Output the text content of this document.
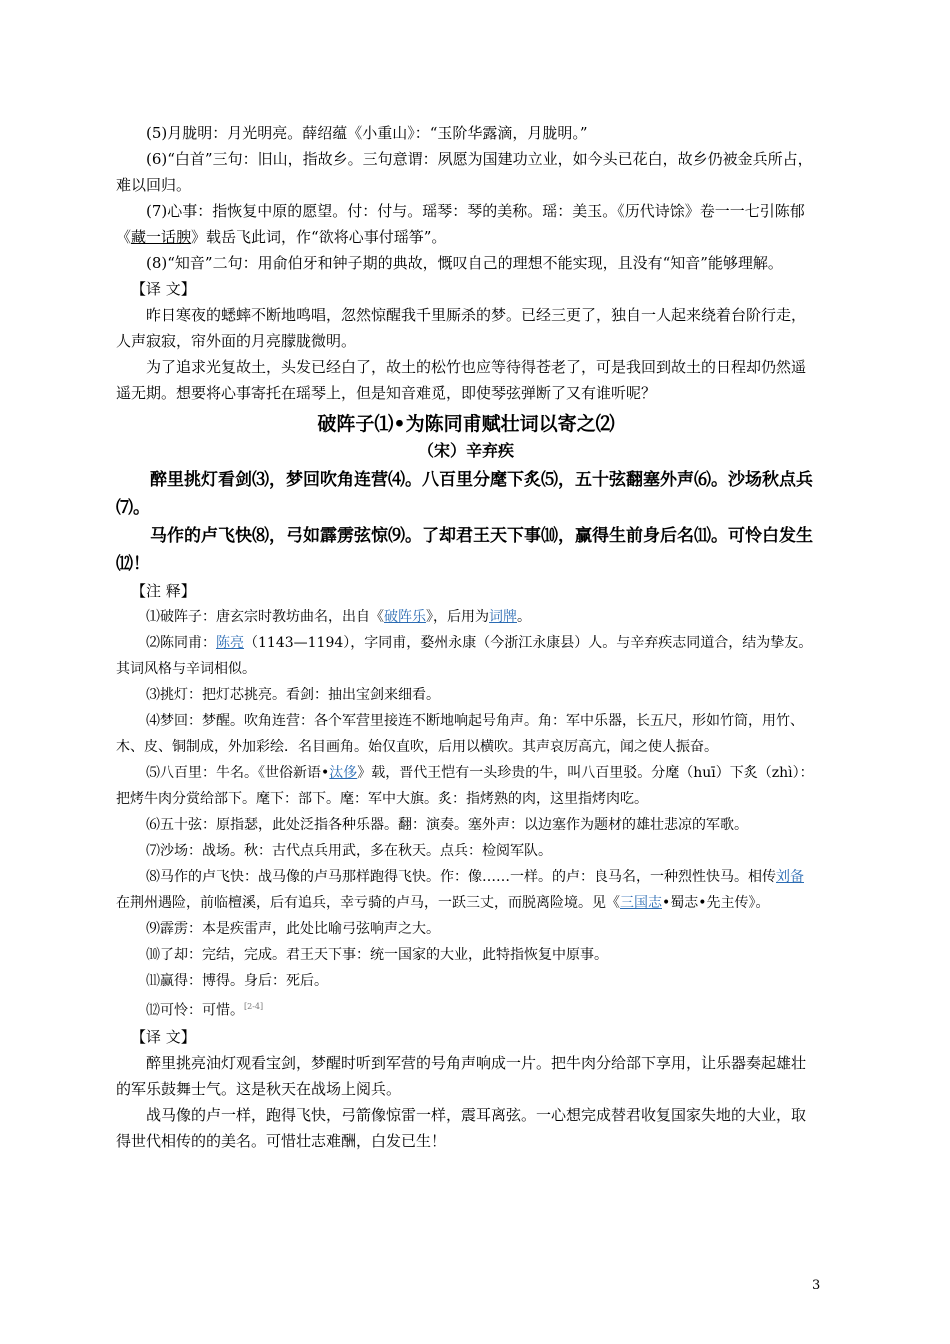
(5)月胧明：月光明亮。薛绍蕴《小重山》：“玉阶华露滴，月胧明。”

(6)“白首”三句：旧山，指故乡。三句意谓：夙愿为国建功立业，如今头已花白，故乡仍被金兵所占，难以回归。

(7)心事：指恢复中原的愿望。付：付与。瑶琴：琴的美称。瑶：美玉。《历代诗馀》卷一一七引陈郁《藏一话腴》载岳飞此词，作“欲将心事付瑶筝”。

(8)“知音”二句：用俞伯牙和钟子期的典故，慨叹自己的理想不能实现，且没有“知音”能够理解。

【译 文】

昨日寒夜的蟋蟀不断地鸣唱，忽然惊醒我千里厮杀的梦。已经三更了，独自一人起来绕着台阶行走，人声寂寂，帘外面的月亮朦胧微明。

为了追求光复故土，头发已经白了，故土的松竹也应等待得苍老了，可是我回到故土的日程却仍然遥遥无期。想要将心事寄托在瑶琴上，但是知音难觅，即使琴弦弹断了又有谁听呢？

破阵子⑴•为陈同甫赋壮词以寄之⑵

（宋）辛弃疾

醉里挑灯看剑⑶，梦回吹角连营⑷。八百里分麾下炙⑸，五十弦翻塞外声⑹。沙场秋点兵⑺。

马作的卢飞快⑻，弓如霹雳弦惊⑼。了却君王天下事⑽，赢得生前身后名⑾。可怜白发生⑿！

【注 释】

⑴破阵子：唐玄宗时教坊曲名，出自《破阵乐》，后用为词牌。

⑵陈同甫：陈亮（1143—1194），字同甫，婺州永康（今浙江永康县）人。与辛弃疾志同道合，结为挚友。其词风格与辛词相似。

⑶挑灯：把灯芯挑亮。看剑：抽出宝剑来细看。

⑷梦回：梦醒。吹角连营：各个军营里接连不断地响起号角声。角：军中乐器，长五尺，形如竹筒，用竹、木、皮、铜制成，外加彩绘．名目画角。始仅直吹，后用以横吹。其声哀厉高亢，闻之使人振奋。

⑸八百里：牛名。《世俗新语•汰侈》载，晋代王恺有一头珍贵的牛，叫八百里驳。分麾（huī）下炙（zhì）：把烤牛肉分赏给部下。麾下：部下。麾：军中大旗。炙：指烤熟的肉，这里指烤肉吃。

⑹五十弦：原指瑟，此处泛指各种乐器。翻：演奏。塞外声：以边塞作为题材的雄壮悲凉的军歌。

⑺沙场：战场。秋：古代点兵用武，多在秋天。点兵：检阅军队。

⑻马作的卢飞快：战马像的卢马那样跑得飞快。作：像……一样。的卢：良马名，一种烈性快马。相传刘备在荆州遇险，前临檀溪，后有追兵，幸亏骑的卢马，一跃三丈，而脱离险境。见《三国志•蜀志•先主传》。

⑼霹雳：本是疾雷声，此处比喻弓弦响声之大。

⑽了却：完结，完成。君王天下事：统一国家的大业，此特指恢复中原事。

⑾赢得：博得。身后：死后。

⑿可怜：可惜。[2-4]

【译 文】

醉里挑亮油灯观看宝剑，梦醒时听到军营的号角声响成一片。把牛肉分给部下享用，让乐器奏起雄壮的军乐鼓舞士气。这是秋天在战场上阅兵。

战马像的卢一样，跑得飞快，弓箭像惊雷一样，震耳离弦。一心想完成替君收复国家失地的大业，取得世代相传的的美名。可惜壮志难酬，白发已生！

3
